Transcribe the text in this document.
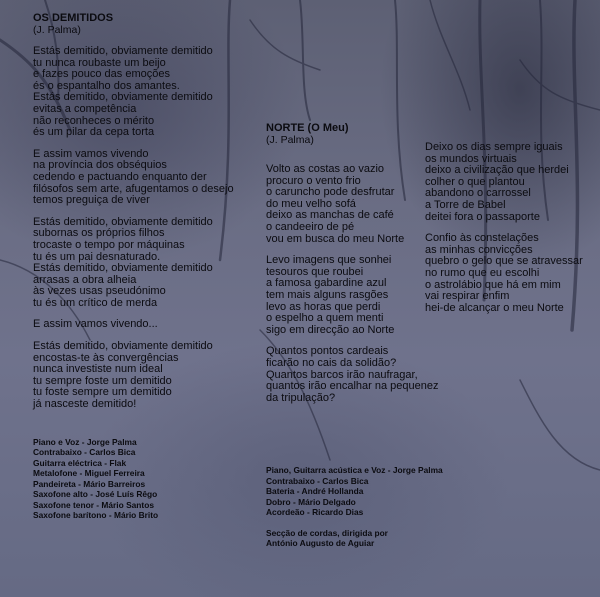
OS DEMITIDOS
(J. Palma)
Estás demitido, obviamente demitido
tu nunca roubaste um beijo
e fazes pouco das emoções
és o espantalho dos amantes.
Estás demitido, obviamente demitido
evitas a competência
não reconheces o mérito
és um pilar da cepa torta
E assim vamos vivendo
na província dos obséquios
cedendo e pactuando enquanto der
filósofos sem arte, afugentamos o desejo
temos preguiça de viver
Estás demitido, obviamente demitido
subornas os próprios filhos
trocaste o tempo por máquinas
tu és um pai desnaturado.
Estás demitido, obviamente demitido
arrasas a obra alheia
às vezes usas pseudónimo
tu és um crítico de merda
E assim vamos vivendo...
Estás demitido, obviamente demitido
encostas-te às convergências
nunca investiste num ideal
tu sempre foste um demitido
tu foste sempre um demitido
já nasceste demitido!
Piano e Voz - Jorge Palma
Contrabaixo - Carlos Bica
Guitarra eléctrica - Flak
Metalofone - Miguel Ferreira
Pandeireta - Mário Barreiros
Saxofone alto - José Luís Rêgo
Saxofone tenor - Mário Santos
Saxofone barítono - Mário Brito
NORTE (O Meu)
(J. Palma)
Volto as costas ao vazio
procuro o vento frio
o caruncho pode desfrutar
do meu velho sofá
deixo as manchas de café
o candeeiro de pé
vou em busca do meu Norte
Levo imagens que sonhei
tesouros que roubei
a famosa gabardine azul
tem mais alguns rasgões
levo as horas que perdi
o espelho a quem menti
sigo em direcção ao Norte
Quantos pontos cardeais
ficarão no cais da solidão?
Quantos barcos irão naufragar,
quantos irão encalhar na pequenez
da tripulação?
Deixo os dias sempre iguais
os mundos virtuais
deixo a civilização que herdei
colher o que plantou
abandono o carrossel
a Torre de Babel
deitei fora o passaporte
Confio às constelações
as minhas convicções
quebro o gelo que se atravessar
no rumo que eu escolhi
o astrolábio que há em mim
vai respirar enfim
hei-de alcançar o meu Norte
Piano, Guitarra acústica e Voz - Jorge Palma
Contrabaixo - Carlos Bica
Bateria - André Hollanda
Dobro - Mário Delgado
Acordeão - Ricardo Dias
Secção de cordas, dirigida por
António Augusto de Aguiar
